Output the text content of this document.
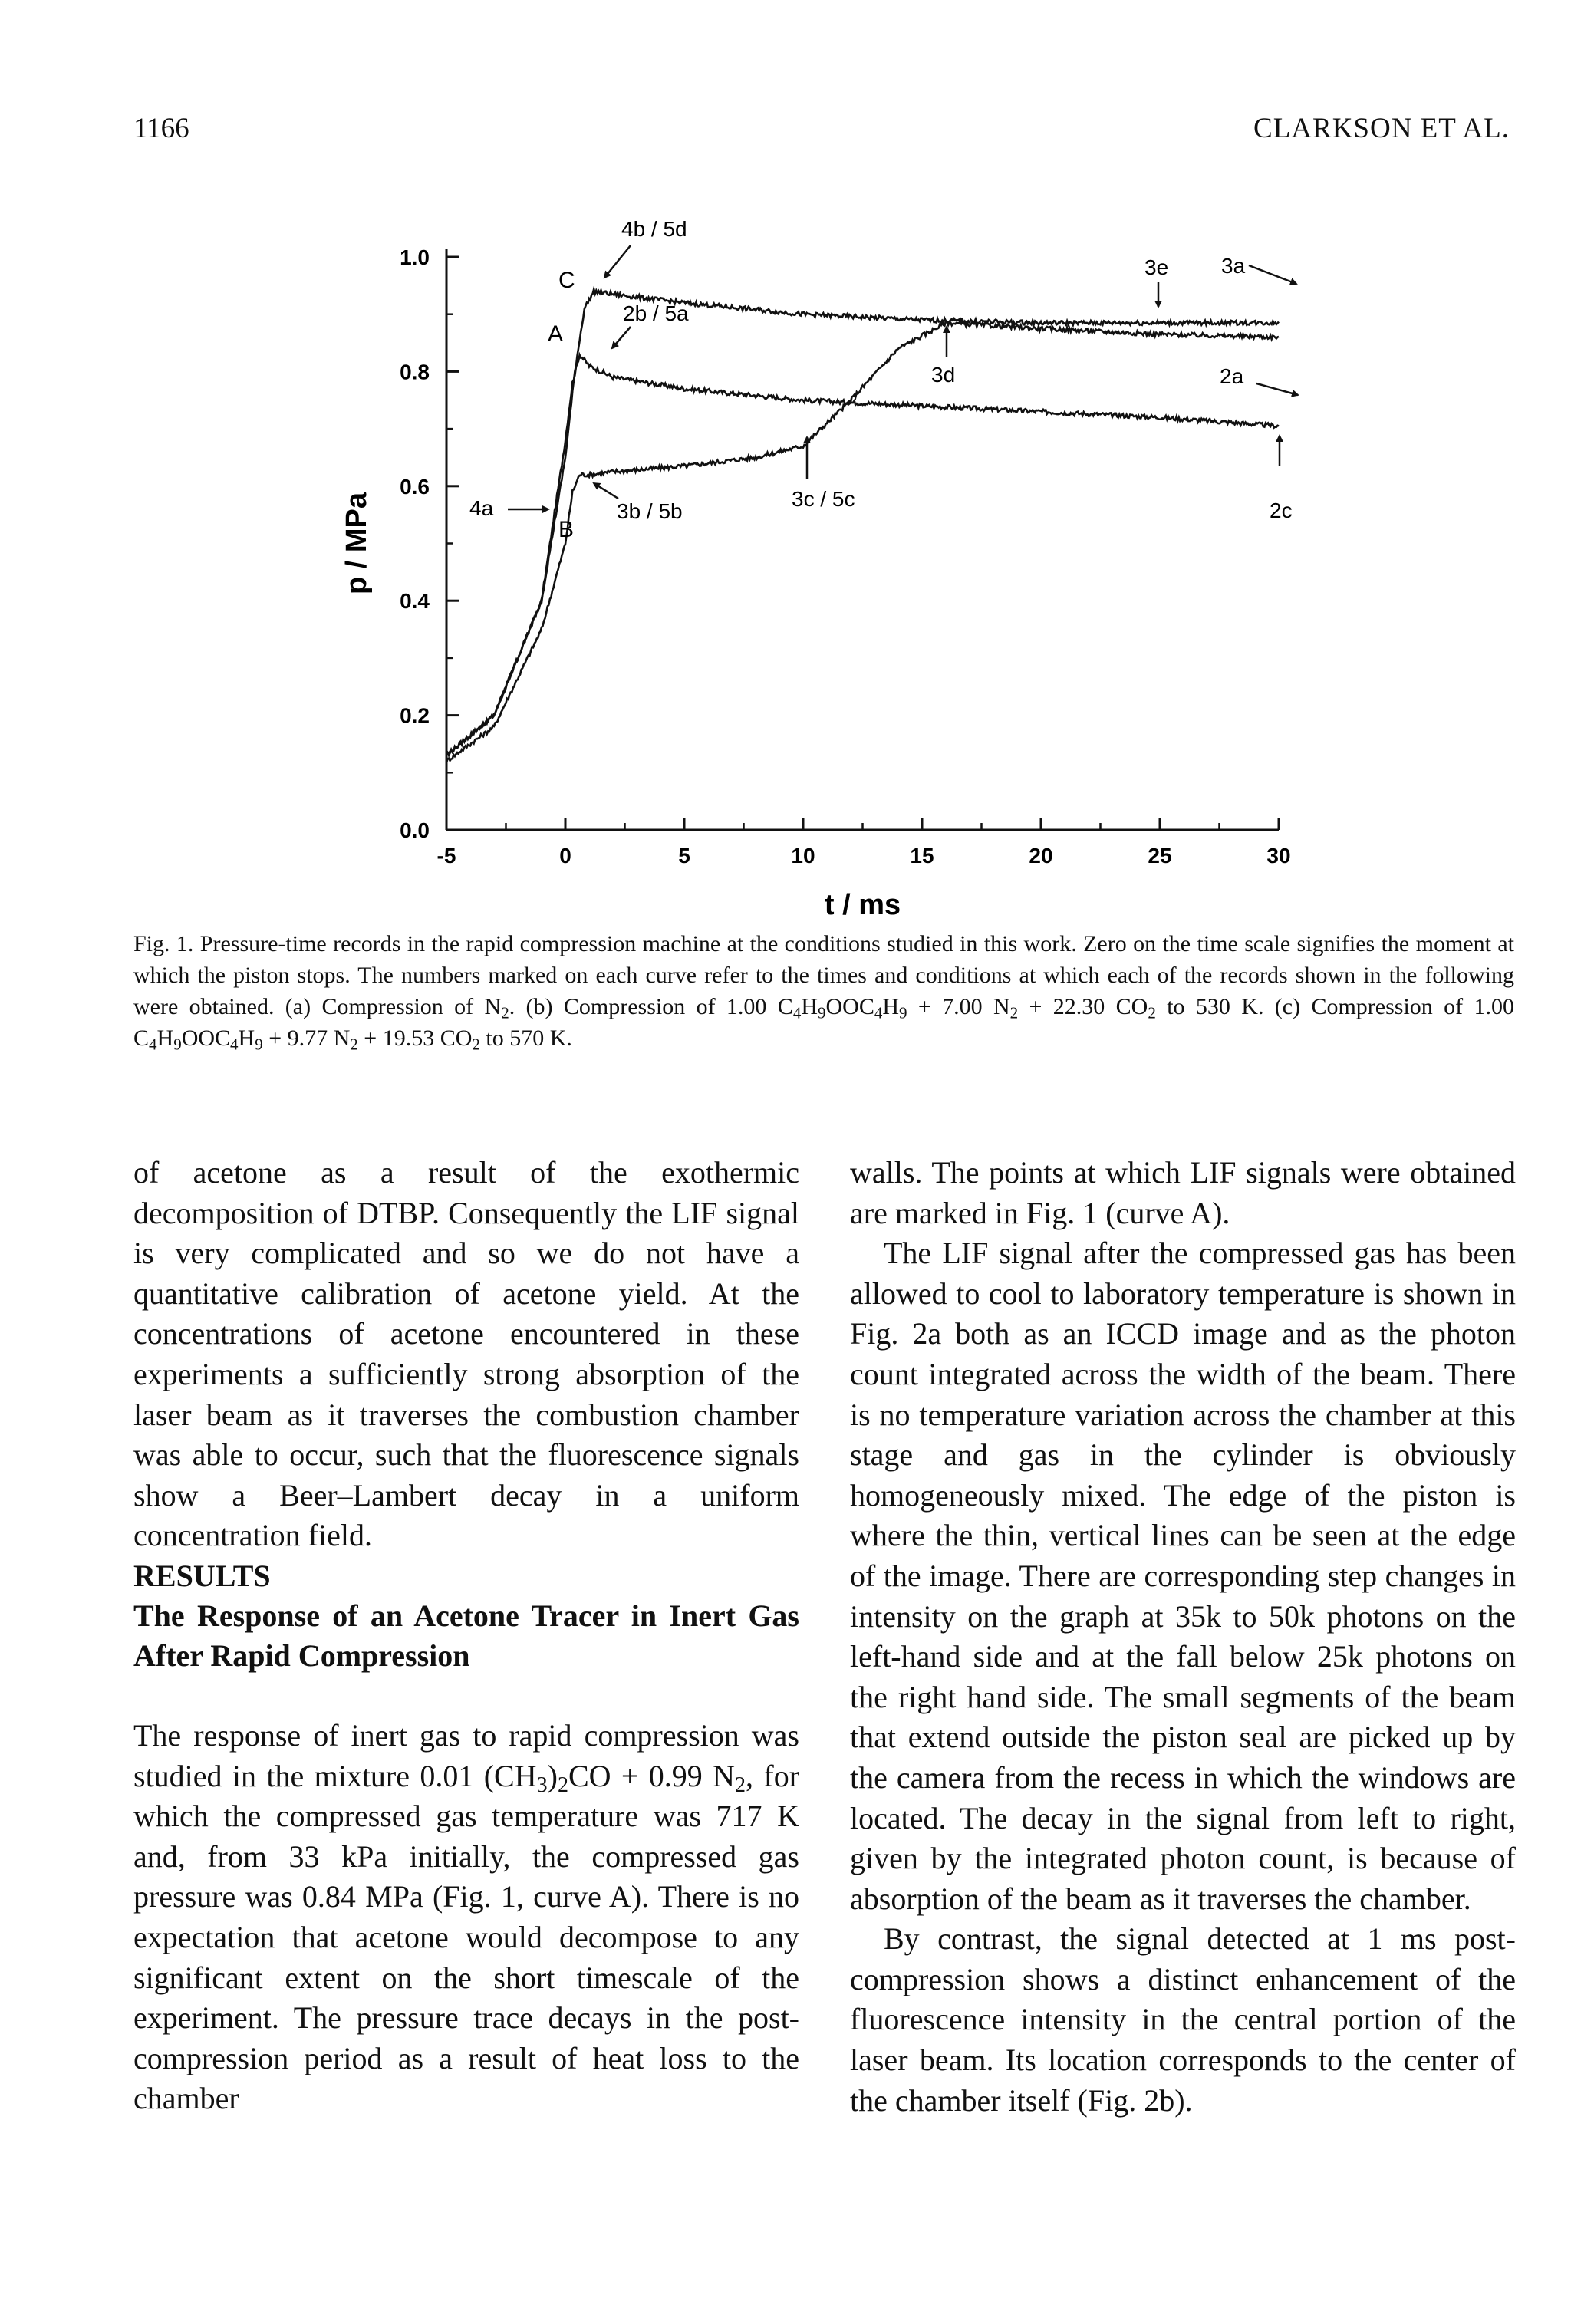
1166	CLARKSON ET AL.
-5	0	5	10	15	20	25	30
0.0
0.2
0.4
0.6
0.8
1.0
t / ms
p / MPa
C
A
B
4b / 5d
2b / 5a
4a	3b / 5b
3c / 5c
3d
3e 3a
2a
2c
Fig. 1. Pressure-time records in the rapid compression machine at the conditions studied in this work. Zero on the time scale signifies the moment at which the piston stops. The numbers marked on each curve refer to the times and conditions at which each of the records shown in the following were obtained. (a) Compression of $N_2$. (b) Compression of 1.00 $C_4H_9OOC_4H_9 + 7.00$ $N_2 + 22.30$ $CO_2$ to 530 K. (c) Compression of 1.00 $C_4H_9OOC_4H_9 + 9.77$ $N_2 + 19.53$ $CO_2$ to 570 K.

of acetone as a result of the exothermic decomposition of DTBP. Consequently the LIF signal is very complicated and so we do not have a quantitative calibration of acetone yield. At the concentrations of acetone encountered in these experiments a sufficiently strong absorption of the laser beam as it traverses the combustion chamber was able to occur, such that the fluorescence signals show a Beer–Lambert decay in a uniform concentration field.

RESULTS

The Response of an Acetone Tracer in Inert Gas After Rapid Compression

The response of inert gas to rapid compression was studied in the mixture 0.01 $(CH_3)_2CO + 0.99$ $N_2$, for which the compressed gas temperature was 717 K and, from 33 kPa initially, the compressed gas pressure was 0.84 MPa (Fig. 1, curve A). There is no expectation that acetone would decompose to any significant extent on the short timescale of the experiment. The pressure trace decays in the post-compression period as a result of heat loss to the chamber

walls. The points at which LIF signals were obtained are marked in Fig. 1 (curve A).

The LIF signal after the compressed gas has been allowed to cool to laboratory temperature is shown in Fig. 2a both as an ICCD image and as the photon count integrated across the width of the beam. There is no temperature variation across the chamber at this stage and gas in the cylinder is obviously homogeneously mixed. The edge of the piston is where the thin, vertical lines can be seen at the edge of the image. There are corresponding step changes in intensity on the graph at 35k to 50k photons on the left-hand side and at the fall below 25k photons on the right hand side. The small segments of the beam that extend outside the piston seal are picked up by the camera from the recess in which the windows are located. The decay in the signal from left to right, given by the integrated photon count, is because of absorption of the beam as it traverses the chamber.

By contrast, the signal detected at 1 ms post-compression shows a distinct enhancement of the fluorescence intensity in the central portion of the laser beam. Its location corresponds to the center of the chamber itself (Fig. 2b).
